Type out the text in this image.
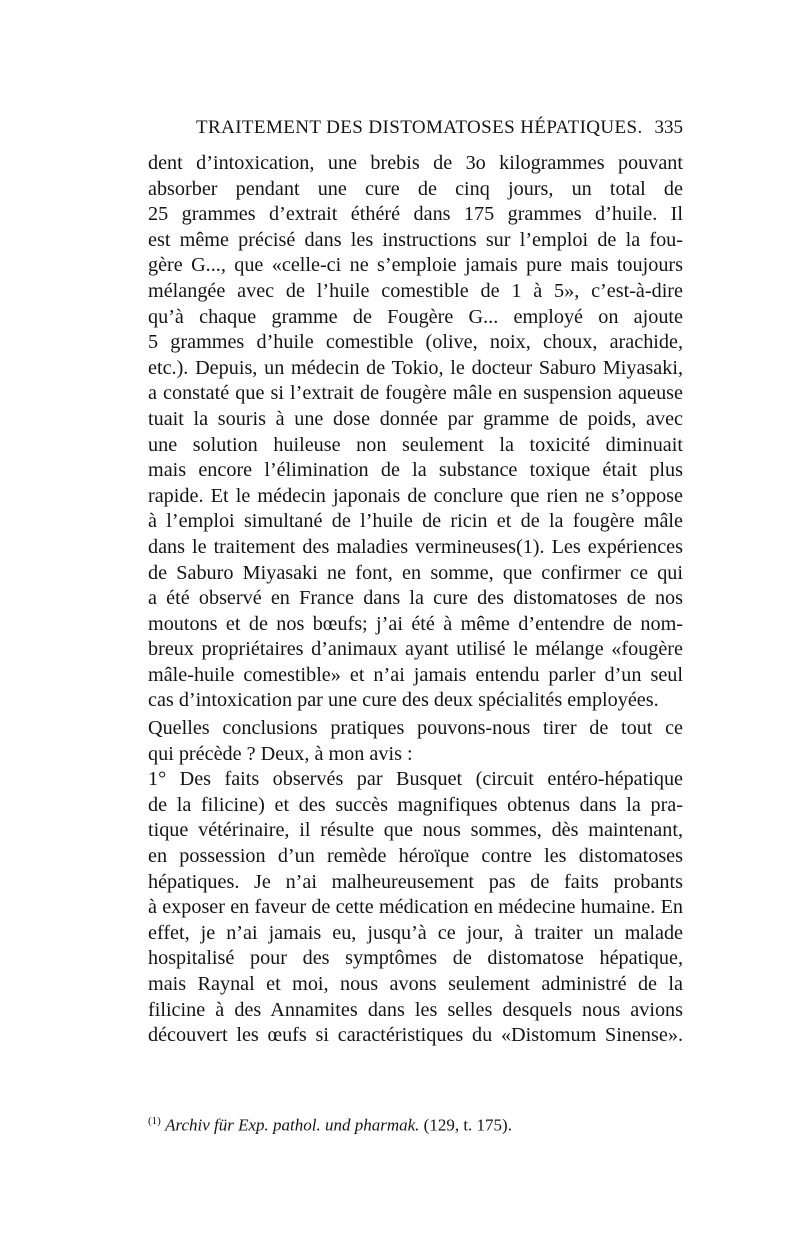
TRAITEMENT DES DISTOMATOSES HÉPATIQUES. 335
dent d’intoxication, une brebis de 3o kilogrammes pouvant
absorber pendant une cure de cinq jours, un total de
25 grammes d’extrait éthéré dans 175 grammes d’huile. Il
est même précisé dans les instructions sur l’emploi de la fou-
gère G..., que «celle-ci ne s’emploie jamais pure mais toujours
mélangée avec de l’huile comestible de 1 à 5», c’est-à-dire
qu’à chaque gramme de Fougère G... employé on ajoute
5 grammes d’huile comestible (olive, noix, choux, arachide,
etc.). Depuis, un médecin de Tokio, le docteur Saburo Miyasaki,
a constaté que si l’extrait de fougère mâle en suspension aqueuse
tuait la souris à une dose donnée par gramme de poids, avec
une solution huileuse non seulement la toxicité diminuait
mais encore l’élimination de la substance toxique était plus
rapide. Et le médecin japonais de conclure que rien ne s’oppose
à l’emploi simultané de l’huile de ricin et de la fougère mâle
dans le traitement des maladies vermineuses(1). Les expériences
de Saburo Miyasaki ne font, en somme, que confirmer ce qui
a été observé en France dans la cure des distomatoses de nos
moutons et de nos bœufs; j’ai été à même d’entendre de nom-
breux propriétaires d’animaux ayant utilisé le mélange «fougère
mâle-huile comestible» et n’ai jamais entendu parler d’un seul
cas d’intoxication par une cure des deux spécialités employées.
Quelles conclusions pratiques pouvons-nous tirer de tout ce
qui précède ? Deux, à mon avis :
1° Des faits observés par Busquet (circuit entéro-hépatique
de la filicine) et des succès magnifiques obtenus dans la pra-
tique vétérinaire, il résulte que nous sommes, dès maintenant,
en possession d’un remède héroïque contre les distomatoses
hépatiques. Je n’ai malheureusement pas de faits probants
à exposer en faveur de cette médication en médecine humaine. En
effet, je n’ai jamais eu, jusqu’à ce jour, à traiter un malade
hospitalisé pour des symptômes de distomatose hépatique,
mais Raynal et moi, nous avons seulement administré de la
filicine à des Annamites dans les selles desquels nous avions
découvert les œufs si caractéristiques du «Distomum Sinense».
$^{(1)}$ Archiv für Exp. pathol. und pharmak. (129, t. 175).
